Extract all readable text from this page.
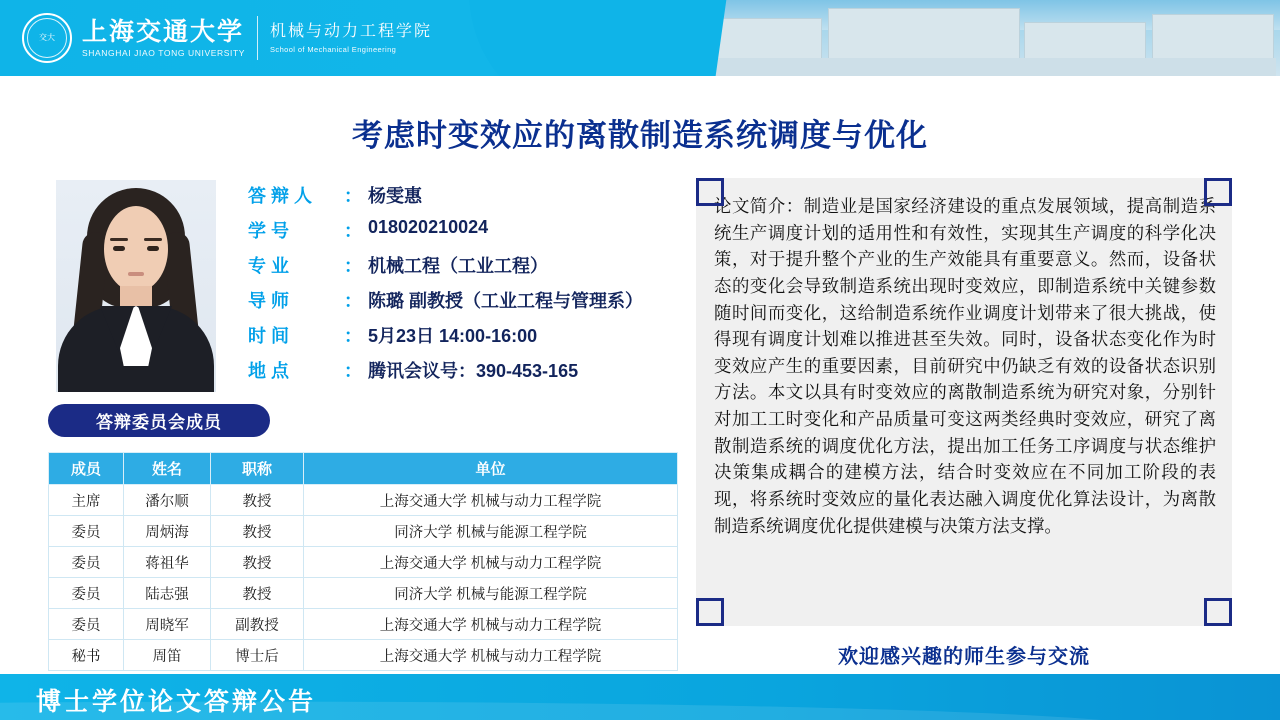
交大	上海交通大学
SHANGHAI JIAO TONG UNIVERSITY
机械与动力工程学院
School of Mechanical Engineering
考虑时变效应的离散制造系统调度与优化
答 辩 人	： 杨雯惠
学 号	： 018020210024
专 业	： 机械工程（工业工程）
导 师	： 陈璐 副教授（工业工程与管理系）
时 间	： 5月23日 14:00-16:00
地 点	： 腾讯会议号：390-453-165
答辩委员会成员
成员	姓名	职称	单位
主席	潘尔顺	教授	上海交通大学 机械与动力工程学院
委员	周炳海	教授	同济大学 机械与能源工程学院
委员	蒋祖华	教授	上海交通大学 机械与动力工程学院
委员	陆志强	教授	同济大学 机械与能源工程学院
委员	周晓军	副教授	上海交通大学 机械与动力工程学院
秘书	周笛	博士后	上海交通大学 机械与动力工程学院
论文简介：制造业是国家经济建设的重点发展领域，提高制造系统生产调度计划的适用性和有效性，实现其生产调度的科学化决策，对于提升整个产业的生产效能具有重要意义。然而，设备状态的变化会导致制造系统出现时变效应，即制造系统中关键参数随时间而变化，这给制造系统作业调度计划带来了很大挑战，使得现有调度计划难以推进甚至失效。同时，设备状态变化作为时变效应产生的重要因素，目前研究中仍缺乏有效的设备状态识别方法。本文以具有时变效应的离散制造系统为研究对象，分别针对加工工时变化和产品质量可变这两类经典时变效应，研究了离散制造系统的调度优化方法，提出加工任务工序调度与状态维护决策集成耦合的建模方法，结合时变效应在不同加工阶段的表现，将系统时变效应的量化表达融入调度优化算法设计，为离散制造系统调度优化提供建模与决策方法支撑。
欢迎感兴趣的师生参与交流
博士学位论文答辩公告
